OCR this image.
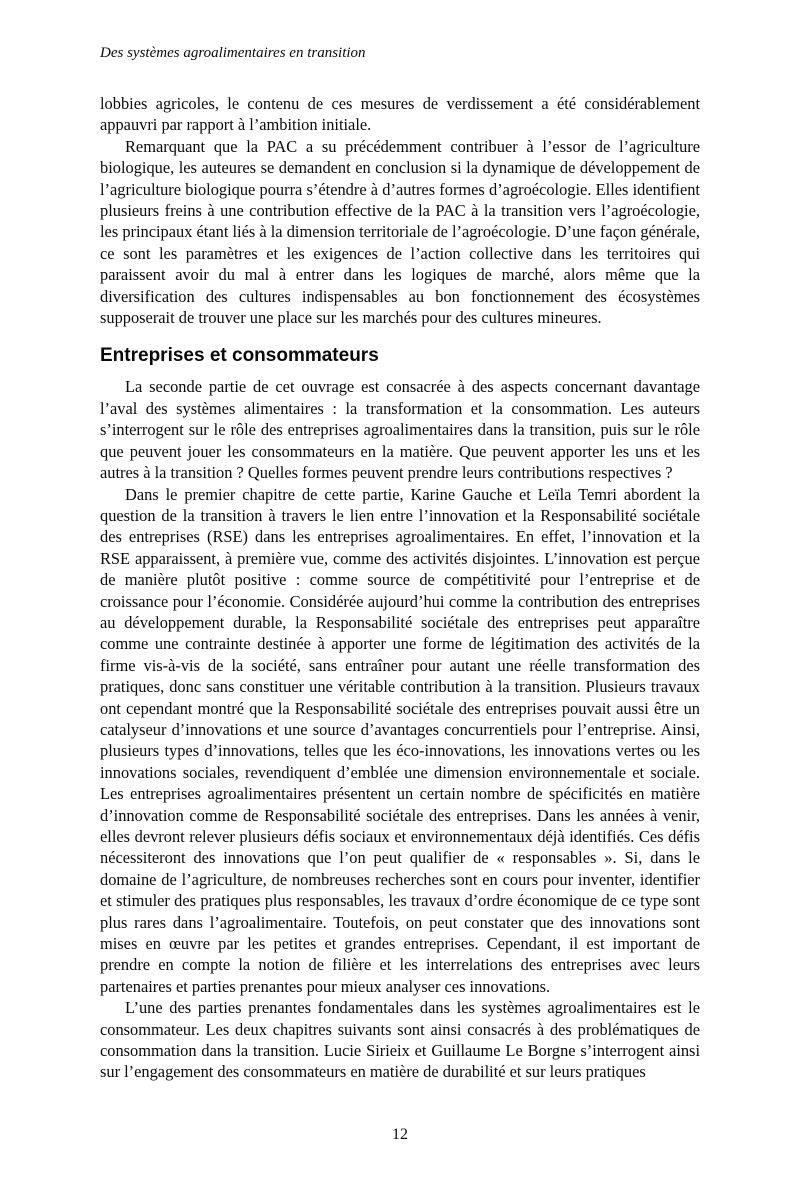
Des systèmes agroalimentaires en transition

lobbies agricoles, le contenu de ces mesures de verdissement a été considérablement appauvri par rapport à l’ambition initiale.

Remarquant que la PAC a su précédemment contribuer à l’essor de l’agriculture biologique, les auteures se demandent en conclusion si la dynamique de développement de l’agriculture biologique pourra s’étendre à d’autres formes d’agroécologie. Elles identifient plusieurs freins à une contribution effective de la PAC à la transition vers l’agroécologie, les principaux étant liés à la dimension territoriale de l’agroécologie. D’une façon générale, ce sont les paramètres et les exigences de l’action collective dans les territoires qui paraissent avoir du mal à entrer dans les logiques de marché, alors même que la diversification des cultures indispensables au bon fonctionnement des écosystèmes supposerait de trouver une place sur les marchés pour des cultures mineures.

Entreprises et consommateurs

La seconde partie de cet ouvrage est consacrée à des aspects concernant davantage l’aval des systèmes alimentaires : la transformation et la consommation. Les auteurs s’interrogent sur le rôle des entreprises agroalimentaires dans la transition, puis sur le rôle que peuvent jouer les consommateurs en la matière. Que peuvent apporter les uns et les autres à la transition ? Quelles formes peuvent prendre leurs contributions respectives ?

Dans le premier chapitre de cette partie, Karine Gauche et Leïla Temri abordent la question de la transition à travers le lien entre l’innovation et la Responsabilité sociétale des entreprises (RSE) dans les entreprises agroalimentaires. En effet, l’innovation et la RSE apparaissent, à première vue, comme des activités disjointes. L’innovation est perçue de manière plutôt positive : comme source de compétitivité pour l’entreprise et de croissance pour l’économie. Considérée aujourd’hui comme la contribution des entreprises au développement durable, la Responsabilité sociétale des entreprises peut apparaître comme une contrainte destinée à apporter une forme de légitimation des activités de la firme vis-à-vis de la société, sans entraîner pour autant une réelle transformation des pratiques, donc sans constituer une véritable contribution à la transition. Plusieurs travaux ont cependant montré que la Responsabilité sociétale des entreprises pouvait aussi être un catalyseur d’innovations et une source d’avantages concurrentiels pour l’entreprise. Ainsi, plusieurs types d’innovations, telles que les éco-innovations, les innovations vertes ou les innovations sociales, revendiquent d’emblée une dimension environnementale et sociale. Les entreprises agroalimentaires présentent un certain nombre de spécificités en matière d’innovation comme de Responsabilité sociétale des entreprises. Dans les années à venir, elles devront relever plusieurs défis sociaux et environnementaux déjà identifiés. Ces défis nécessiteront des innovations que l’on peut qualifier de « responsables ». Si, dans le domaine de l’agriculture, de nombreuses recherches sont en cours pour inventer, identifier et stimuler des pratiques plus responsables, les travaux d’ordre économique de ce type sont plus rares dans l’agroalimentaire. Toutefois, on peut constater que des innovations sont mises en œuvre par les petites et grandes entreprises. Cependant, il est important de prendre en compte la notion de filière et les interrelations des entreprises avec leurs partenaires et parties prenantes pour mieux analyser ces innovations.

L’une des parties prenantes fondamentales dans les systèmes agroalimentaires est le consommateur. Les deux chapitres suivants sont ainsi consacrés à des problématiques de consommation dans la transition. Lucie Sirieix et Guillaume Le Borgne s’interrogent ainsi sur l’engagement des consommateurs en matière de durabilité et sur leurs pratiques

12
